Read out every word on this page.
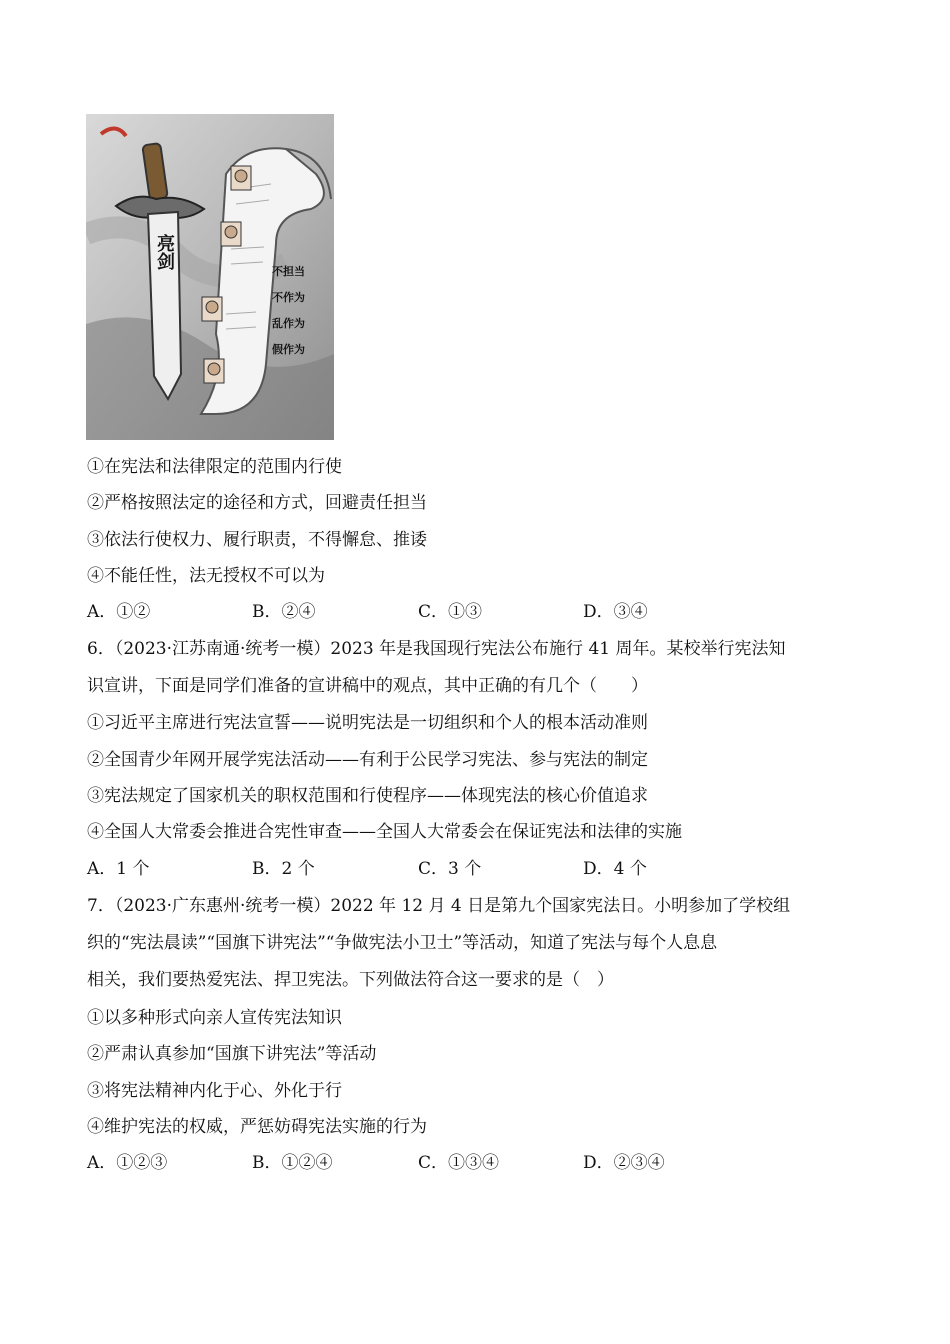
亮剑
不担当
不作为
乱作为
假作为
①在宪法和法律限定的范围内行使
②严格按照法定的途径和方式，回避责任担当
③依法行使权力、履行职责，不得懈怠、推诿
④不能任性，法无授权不可以为
A．①②	B．②④	C．①③	D．③④
6．（2023·江苏南通·统考一模）2023 年是我国现行宪法公布施行 41 周年。某校举行宪法知
识宣讲，下面是同学们准备的宣讲稿中的观点，其中正确的有几个（　　）
①习近平主席进行宪法宣誓——说明宪法是一切组织和个人的根本活动准则
②全国青少年网开展学宪法活动——有利于公民学习宪法、参与宪法的制定
③宪法规定了国家机关的职权范围和行使程序——体现宪法的核心价值追求
④全国人大常委会推进合宪性审查——全国人大常委会在保证宪法和法律的实施
A．1 个	B．2 个	C．3 个	D．4 个
7．（2023·广东惠州·统考一模）2022 年 12 月 4 日是第九个国家宪法日。小明参加了学校组
织的“宪法晨读”“国旗下讲宪法”“争做宪法小卫士”等活动，知道了宪法与每个人息息
相关，我们要热爱宪法、捍卫宪法。下列做法符合这一要求的是（　）
①以多种形式向亲人宣传宪法知识
②严肃认真参加“国旗下讲宪法”等活动
③将宪法精神内化于心、外化于行
④维护宪法的权威，严惩妨碍宪法实施的行为
A．①②③	B．①②④	C．①③④	D．②③④
